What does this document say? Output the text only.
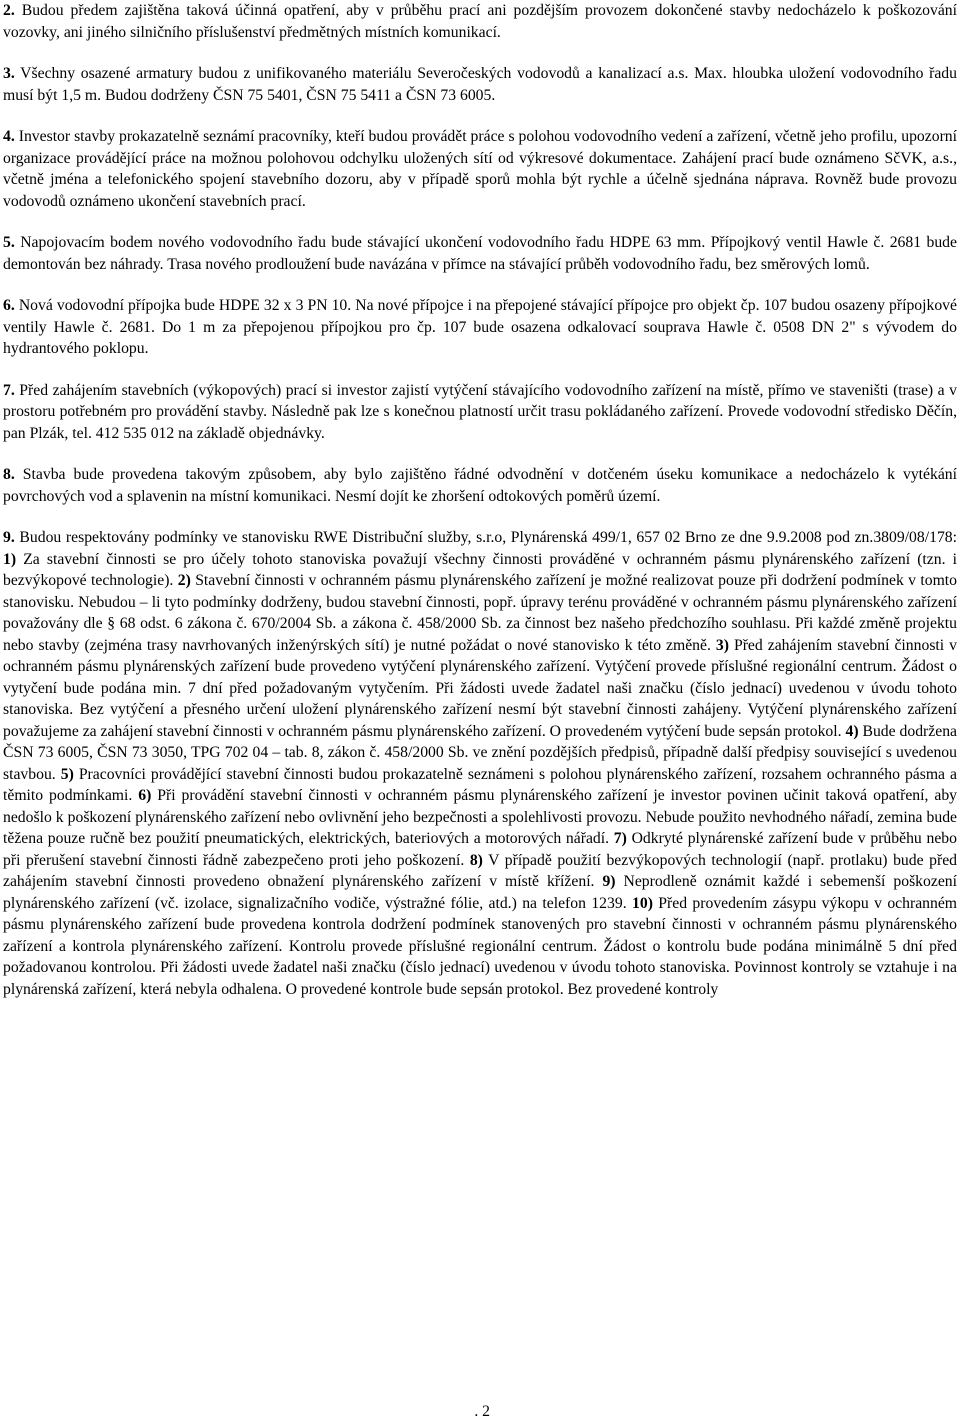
2. Budou předem zajištěna taková účinná opatření, aby v průběhu prací ani pozdějším provozem dokončené stavby nedocházelo k poškozování vozovky, ani jiného silničního příslušenství předmětných místních komunikací.

3. Všechny osazené armatury budou z unifikovaného materiálu Severočeských vodovodů a kanalizací a.s. Max. hloubka uložení vodovodního řadu musí být 1,5 m. Budou dodrženy ČSN 75 5401, ČSN 75 5411 a ČSN 73 6005.

4. Investor stavby prokazatelně seznámí pracovníky, kteří budou provádět práce s polohou vodovodního vedení a zařízení, včetně jeho profilu, upozorní organizace provádějící práce na možnou polohovou odchylku uložených sítí od výkresové dokumentace. Zahájení prací bude oznámeno SčVK, a.s., včetně jména a telefonického spojení stavebního dozoru, aby v případě sporů mohla být rychle a účelně sjednána náprava. Rovněž bude provozu vodovodů oznámeno ukončení stavebních prací.

5. Napojovacím bodem nového vodovodního řadu bude stávající ukončení vodovodního řadu HDPE 63 mm. Přípojkový ventil Hawle č. 2681 bude demontován bez náhrady. Trasa nového prodloužení bude navázána v přímce na stávající průběh vodovodního řadu, bez směrových lomů.

6. Nová vodovodní přípojka bude HDPE 32 x 3 PN 10. Na nové přípojce i na přepojené stávající přípojce pro objekt čp. 107 budou osazeny přípojkové ventily Hawle č. 2681. Do 1 m za přepojenou přípojkou pro čp. 107 bude osazena odkalovací souprava Hawle č. 0508 DN 2" s vývodem do hydrantového poklopu.

7. Před zahájením stavebních (výkopových) prací si investor zajistí vytýčení stávajícího vodovodního zařízení na místě, přímo ve staveništi (trase) a v prostoru potřebném pro provádění stavby. Následně pak lze s konečnou platností určit trasu pokládaného zařízení. Provede vodovodní středisko Děčín, pan Plzák, tel. 412 535 012 na základě objednávky.

8. Stavba bude provedena takovým způsobem, aby bylo zajištěno řádné odvodnění v dotčeném úseku komunikace a nedocházelo k vytékání povrchových vod a splavenin na místní komunikaci. Nesmí dojít ke zhoršení odtokových poměrů území.

9. Budou respektovány podmínky ve stanovisku RWE Distribuční služby, s.r.o, Plynárenská 499/1, 657 02 Brno ze dne 9.9.2008 pod zn.3809/08/178: 1) Za stavební činnosti se pro účely tohoto stanoviska považují všechny činnosti prováděné v ochranném pásmu plynárenského zařízení (tzn. i bezvýkopové technologie). 2) Stavební činnosti v ochranném pásmu plynárenského zařízení je možné realizovat pouze při dodržení podmínek v tomto stanovisku. Nebudou – li tyto podmínky dodrženy, budou stavební činnosti, popř. úpravy terénu prováděné v ochranném pásmu plynárenského zařízení považovány dle § 68 odst. 6 zákona č. 670/2004 Sb. a zákona č. 458/2000 Sb. za činnost bez našeho předchozího souhlasu. Při každé změně projektu nebo stavby (zejména trasy navrhovaných inženýrských sítí) je nutné požádat o nové stanovisko k této změně. 3) Před zahájením stavební činnosti v ochranném pásmu plynárenských zařízení bude provedeno vytýčení plynárenského zařízení. Vytýčení provede příslušné regionální centrum. Žádost o vytyčení bude podána min. 7 dní před požadovaným vytyčením. Při žádosti uvede žadatel naši značku (číslo jednací) uvedenou v úvodu tohoto stanoviska. Bez vytýčení a přesného určení uložení plynárenského zařízení nesmí být stavební činnosti zahájeny. Vytýčení plynárenského zařízení považujeme za zahájení stavební činnosti v ochranném pásmu plynárenského zařízení. O provedeném vytýčení bude sepsán protokol. 4) Bude dodržena ČSN 73 6005, ČSN 73 3050, TPG 702 04 – tab. 8, zákon č. 458/2000 Sb. ve znění pozdějších předpisů, případně další předpisy související s uvedenou stavbou. 5) Pracovníci provádějící stavební činnosti budou prokazatelně seznámeni s polohou plynárenského zařízení, rozsahem ochranného pásma a těmito podmínkami. 6) Při provádění stavební činnosti v ochranném pásmu plynárenského zařízení je investor povinen učinit taková opatření, aby nedošlo k poškození plynárenského zařízení nebo ovlivnění jeho bezpečnosti a spolehlivosti provozu. Nebude použito nevhodného nářadí, zemina bude těžena pouze ručně bez použití pneumatických, elektrických, bateriových a motorových nářadí. 7) Odkryté plynárenské zařízení bude v průběhu nebo při přerušení stavební činnosti řádně zabezpečeno proti jeho poškození. 8) V případě použití bezvýkopových technologií (např. protlaku) bude před zahájením stavební činnosti provedeno obnažení plynárenského zařízení v místě křížení. 9) Neprodleně oznámit každé i sebemenší poškození plynárenského zařízení (vč. izolace, signalizačního vodiče, výstražné fólie, atd.) na telefon 1239. 10) Před provedením zásypu výkopu v ochranném pásmu plynárenského zařízení bude provedena kontrola dodržení podmínek stanovených pro stavební činnosti v ochranném pásmu plynárenského zařízení a kontrola plynárenského zařízení. Kontrolu provede příslušné regionální centrum. Žádost o kontrolu bude podána minimálně 5 dní před požadovanou kontrolou. Při žádosti uvede žadatel naši značku (číslo jednací) uvedenou v úvodu tohoto stanoviska. Povinnost kontroly se vztahuje i na plynárenská zařízení, která nebyla odhalena. O provedené kontrole bude sepsán protokol. Bez provedené kontroly

. 2
